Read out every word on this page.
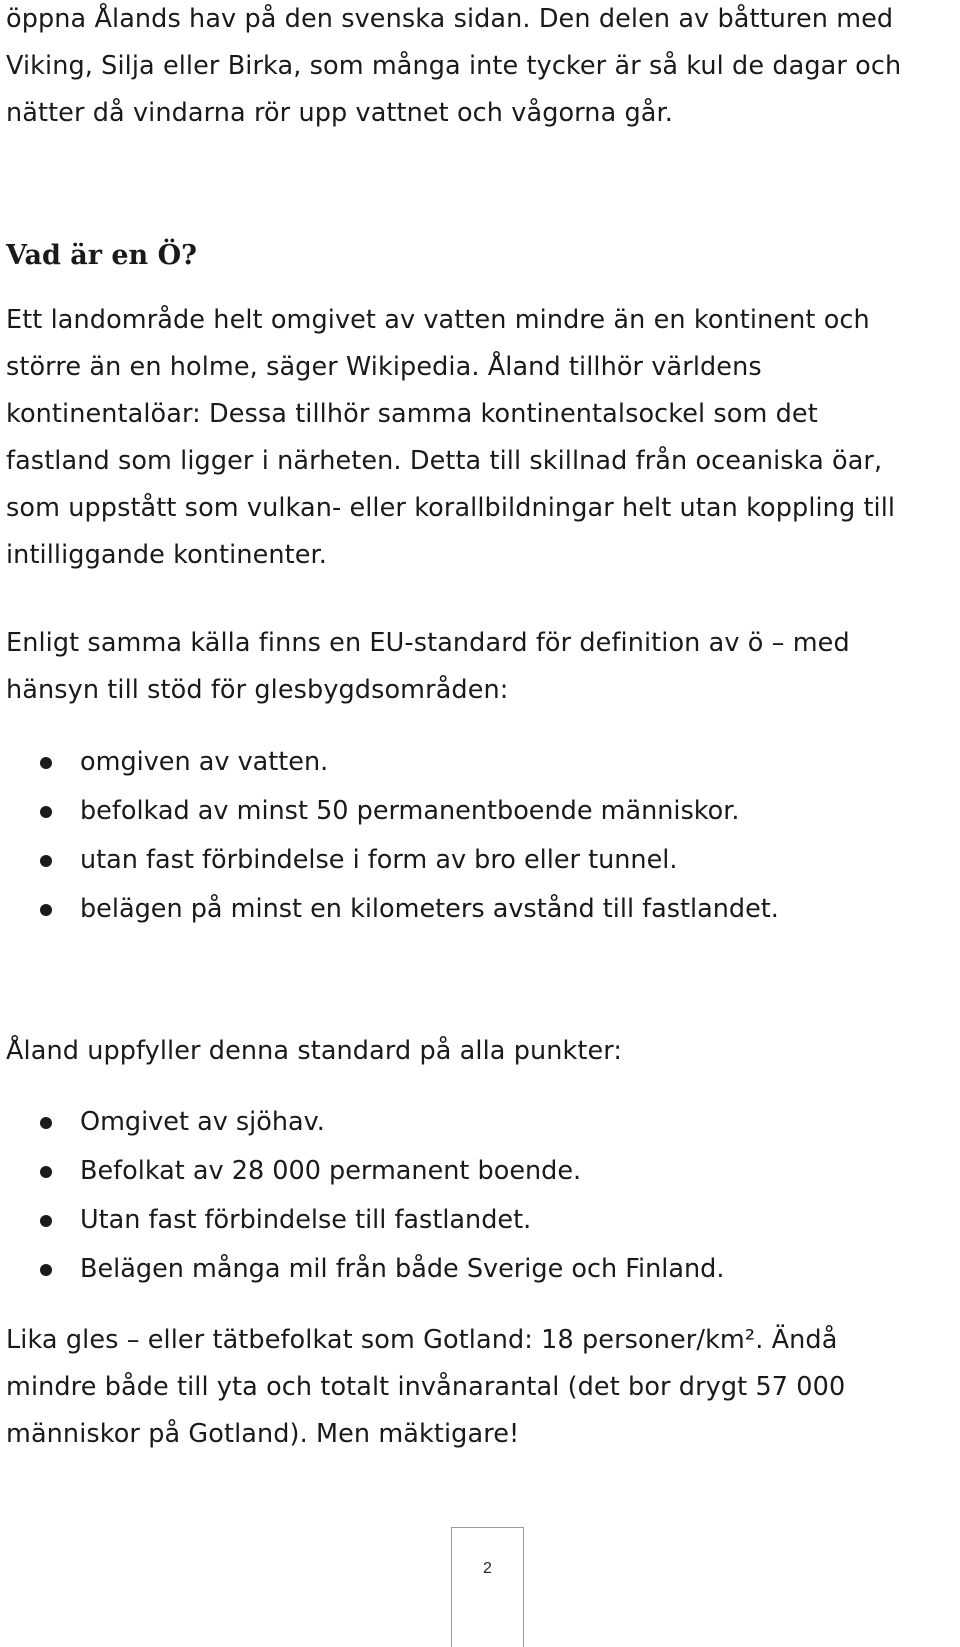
öppna Ålands hav på den svenska sidan. Den delen av båtturen med
Viking, Silja eller Birka, som många inte tycker är så kul de dagar och
nätter då vindarna rör upp vattnet och vågorna går.

Vad är en Ö?

Ett landområde helt omgivet av vatten mindre än en kontinent och
större än en holme, säger Wikipedia. Åland tillhör världens
kontinentalöar: Dessa tillhör samma kontinentalsockel som det
fastland som ligger i närheten. Detta till skillnad från oceaniska öar,
som uppstått som vulkan- eller korallbildningar helt utan koppling till
intilliggande kontinenter.

Enligt samma källa finns en EU-standard för definition av ö – med
hänsyn till stöd för glesbygdsområden:

omgiven av vatten.
befolkad av minst 50 permanentboende människor.
utan fast förbindelse i form av bro eller tunnel.
belägen på minst en kilometers avstånd till fastlandet.

Åland uppfyller denna standard på alla punkter:

Omgivet av sjöhav.
Befolkat av 28 000 permanent boende.
Utan fast förbindelse till fastlandet.
Belägen många mil från både Sverige och Finland.

Lika gles – eller tätbefolkat som Gotland: 18 personer/km². Ändå
mindre både till yta och totalt invånarantal (det bor drygt 57 000
människor på Gotland). Men mäktigare!

2
